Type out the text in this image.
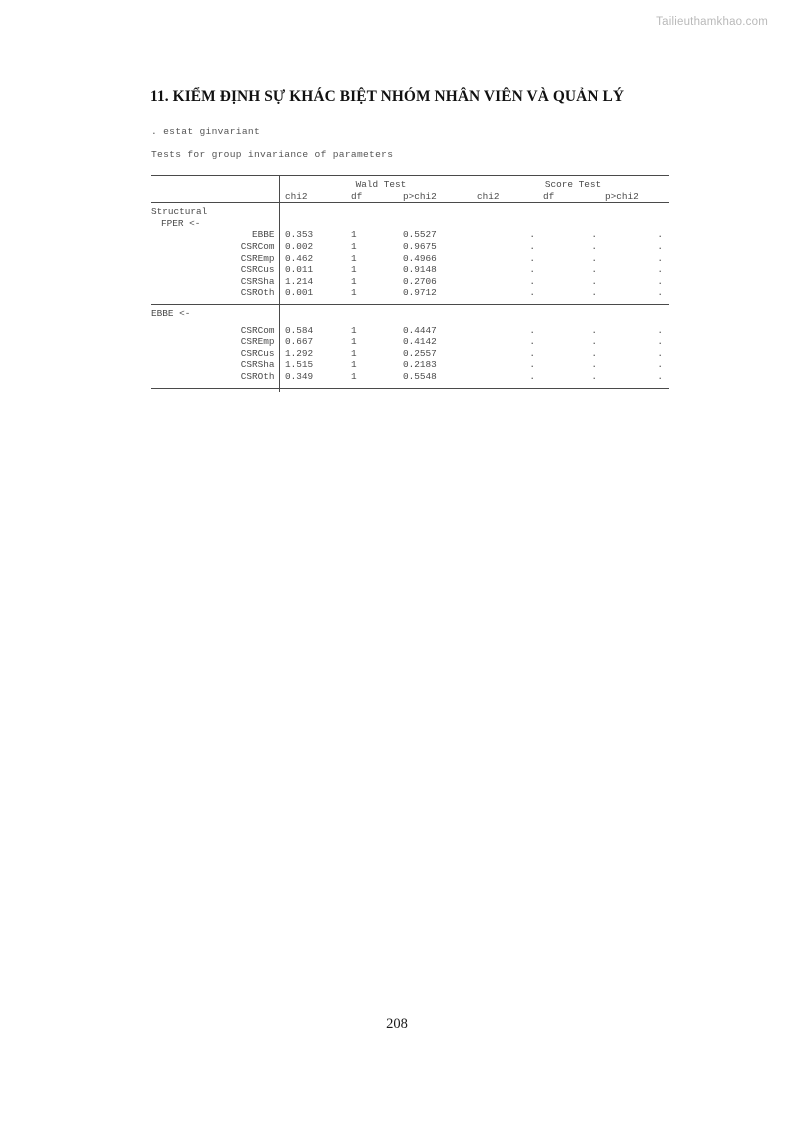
Tailieuthamkhao.com
11. KIỂM ĐỊNH SỰ KHÁC BIỆT NHÓM NHÂN VIÊN VÀ QUẢN LÝ
. estat ginvariant
Tests for group invariance of parameters

		Wald Test			Score Test		
		chi2	df	p>chi2	chi2	df	p>chi2

Structural							
FPER <-							
EBBE		0.353	1	0.5527	.	.	.
CSRCom		0.002	1	0.9675	.	.	.
CSREmp		0.462	1	0.4966	.	.	.
CSRCus		0.011	1	0.9148	.	.	.
CSRSha		1.214	1	0.2706	.	.	.
CSROth		0.001	1	0.9712	.	.	.

EBBE <-							

CSRCom		0.584	1	0.4447	.	.	.
CSREmp		0.667	1	0.4142	.	.	.
CSRCus		1.292	1	0.2557	.	.	.
CSRSha		1.515	1	0.2183	.	.	.
CSROth		0.349	1	0.5548	.	.	.

208
